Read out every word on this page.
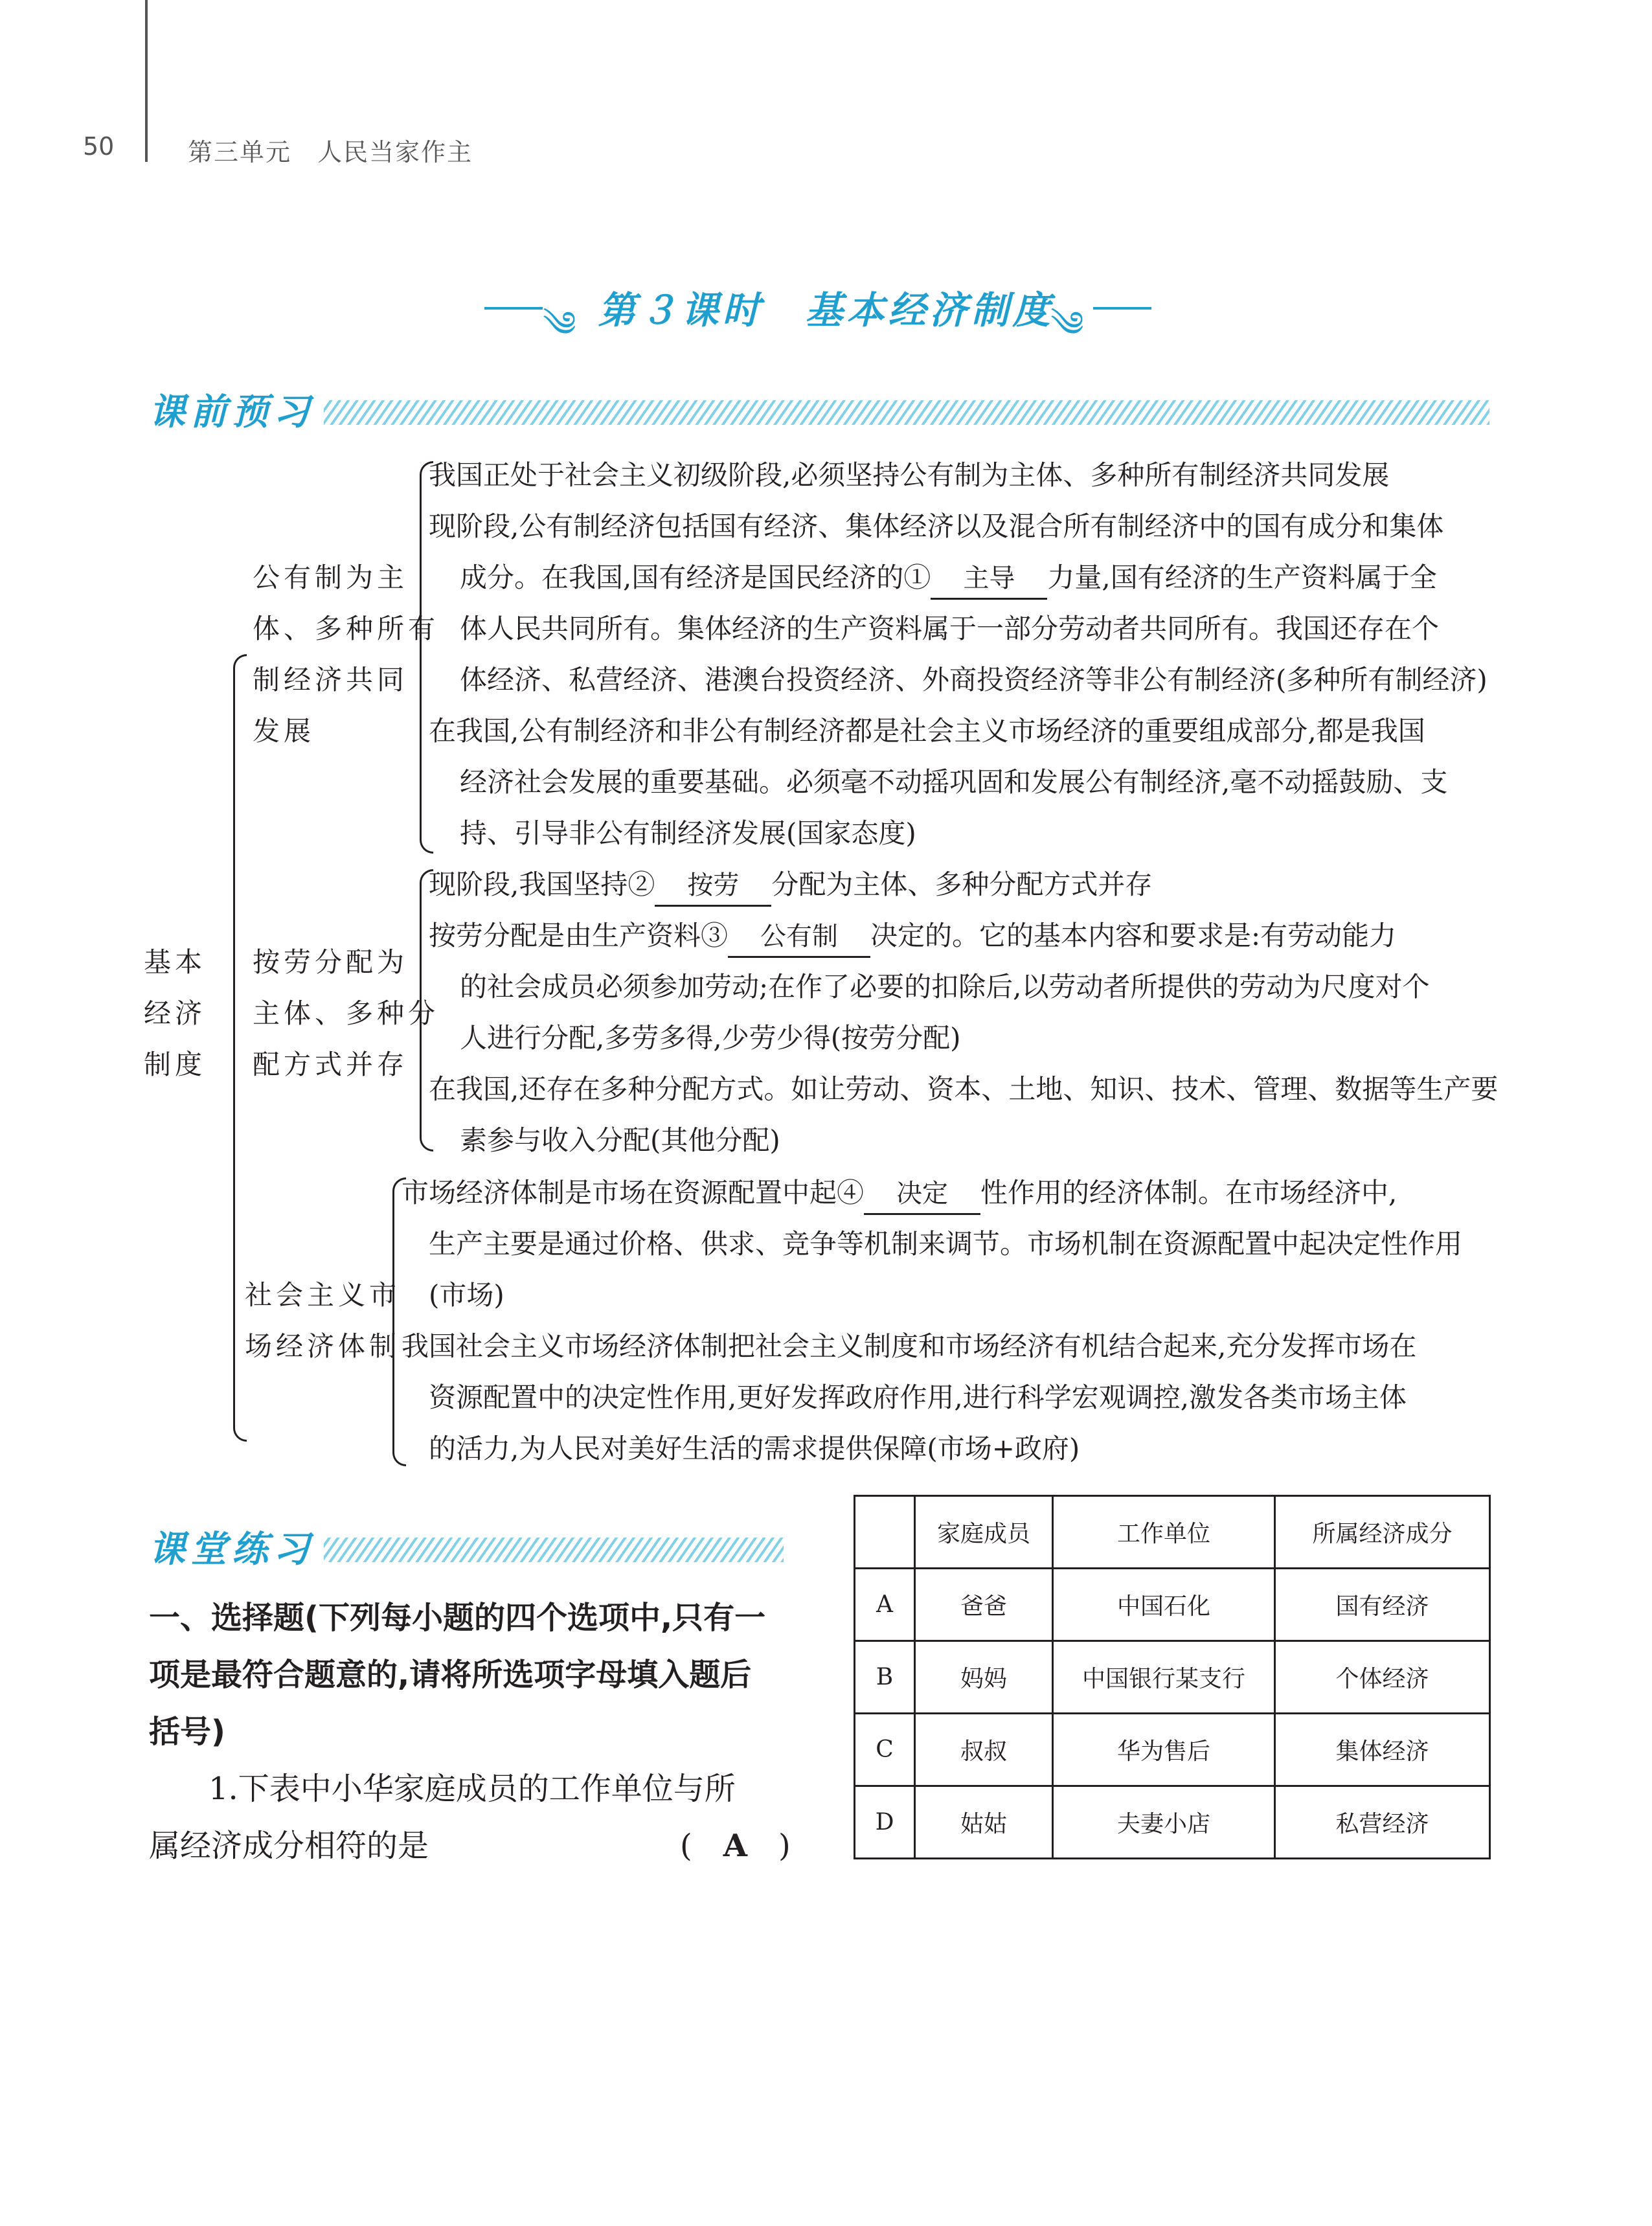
50	第三单元　人民当家作主
༄ 第３课时　基本经济制度
༄
课前预习
基本经济制度
公有制为主
体、多种所有
制经济共同
发展
我国正处于社会主义初级阶段,必须坚持公有制为主体、多种所有制经济共同发展
现阶段,公有制经济包括国有经济、集体经济以及混合所有制经济中的国有成分和集体
成分。在我国,国有经济是国民经济的① 主导 力量,国有经济的生产资料属于全
体人民共同所有。集体经济的生产资料属于一部分劳动者共同所有。我国还存在个
体经济、私营经济、港澳台投资经济、外商投资经济等非公有制经济(多种所有制经济)
在我国,公有制经济和非公有制经济都是社会主义市场经济的重要组成部分,都是我国
经济社会发展的重要基础。必须毫不动摇巩固和发展公有制经济,毫不动摇鼓励、支
持、引导非公有制经济发展(国家态度)
按劳分配为
主体、多种分
配方式并存
现阶段,我国坚持② 按劳 分配为主体、多种分配方式并存
按劳分配是由生产资料③ 公有制 决定的。它的基本内容和要求是:有劳动能力
的社会成员必须参加劳动;在作了必要的扣除后,以劳动者所提供的劳动为尺度对个
人进行分配,多劳多得,少劳少得(按劳分配)
在我国,还存在多种分配方式。如让劳动、资本、土地、知识、技术、管理、数据等生产要
素参与收入分配(其他分配)
社会主义市
场经济体制
市场经济体制是市场在资源配置中起④ 决定 性作用的经济体制。在市场经济中,
生产主要是通过价格、供求、竞争等机制来调节。市场机制在资源配置中起决定性作用
(市场)
我国社会主义市场经济体制把社会主义制度和市场经济有机结合起来,充分发挥市场在
资源配置中的决定性作用,更好发挥政府作用,进行科学宏观调控,激发各类市场主体
的活力,为人民对美好生活的需求提供保障(市场+政府)
课堂练习
一、选择题(下列每小题的四个选项中,只有一
项是最符合题意的,请将所选项字母填入题后
括号)
1.下表中小华家庭成员的工作单位与所
属经济成分相符的是	(　 A　 )
	家庭成员	工作单位	所属经济成分
A	爸爸	中国石化	国有经济
B	妈妈	中国银行某支行	个体经济
C	叔叔	华为售后	集体经济
D	姑姑	夫妻小店	私营经济
